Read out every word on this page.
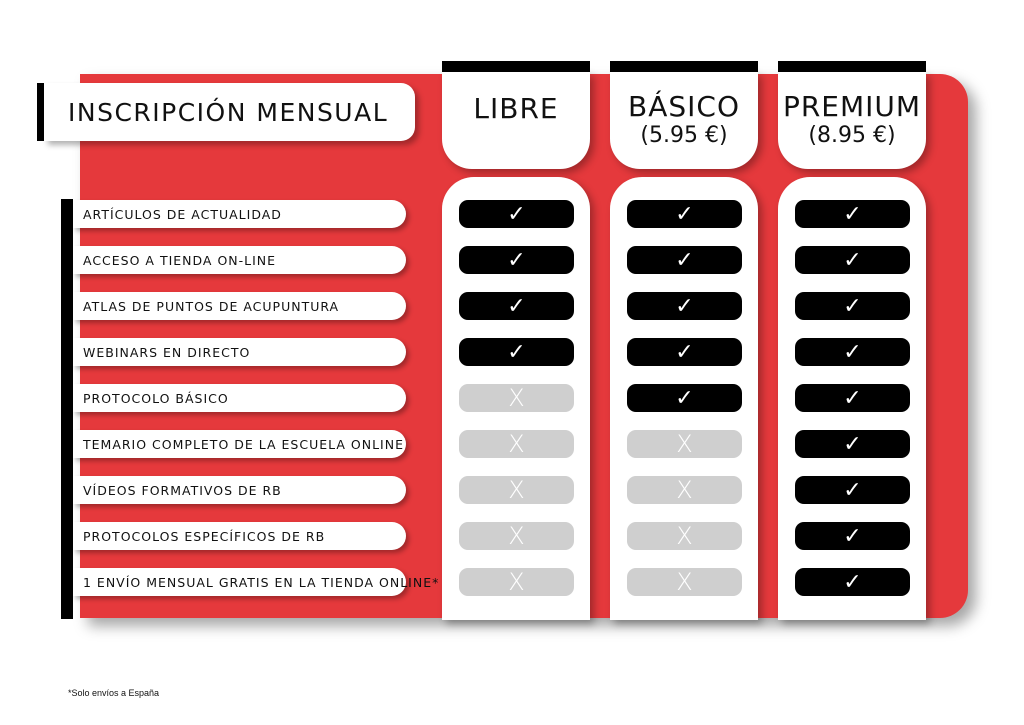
INSCRIPCIÓN MENSUAL
ARTÍCULOS DE ACTUALIDAD
ACCESO A TIENDA ON-LINE
ATLAS DE PUNTOS DE ACUPUNTURA
WEBINARS EN DIRECTO
PROTOCOLO BÁSICO
TEMARIO COMPLETO DE LA ESCUELA ONLINE
VÍDEOS FORMATIVOS DE RB
PROTOCOLOS ESPECÍFICOS DE RB
1 ENVÍO MENSUAL GRATIS EN LA TIENDA ONLINE*
LIBRE
✓
✓
✓
✓
X
X
X
X
X
BÁSICO
(5.95 €)
✓
✓
✓
✓
✓
X
X
X
X
PREMIUM
(8.95 €)
✓
✓
✓
✓
✓
✓
✓
✓
✓
*Solo envíos a España
